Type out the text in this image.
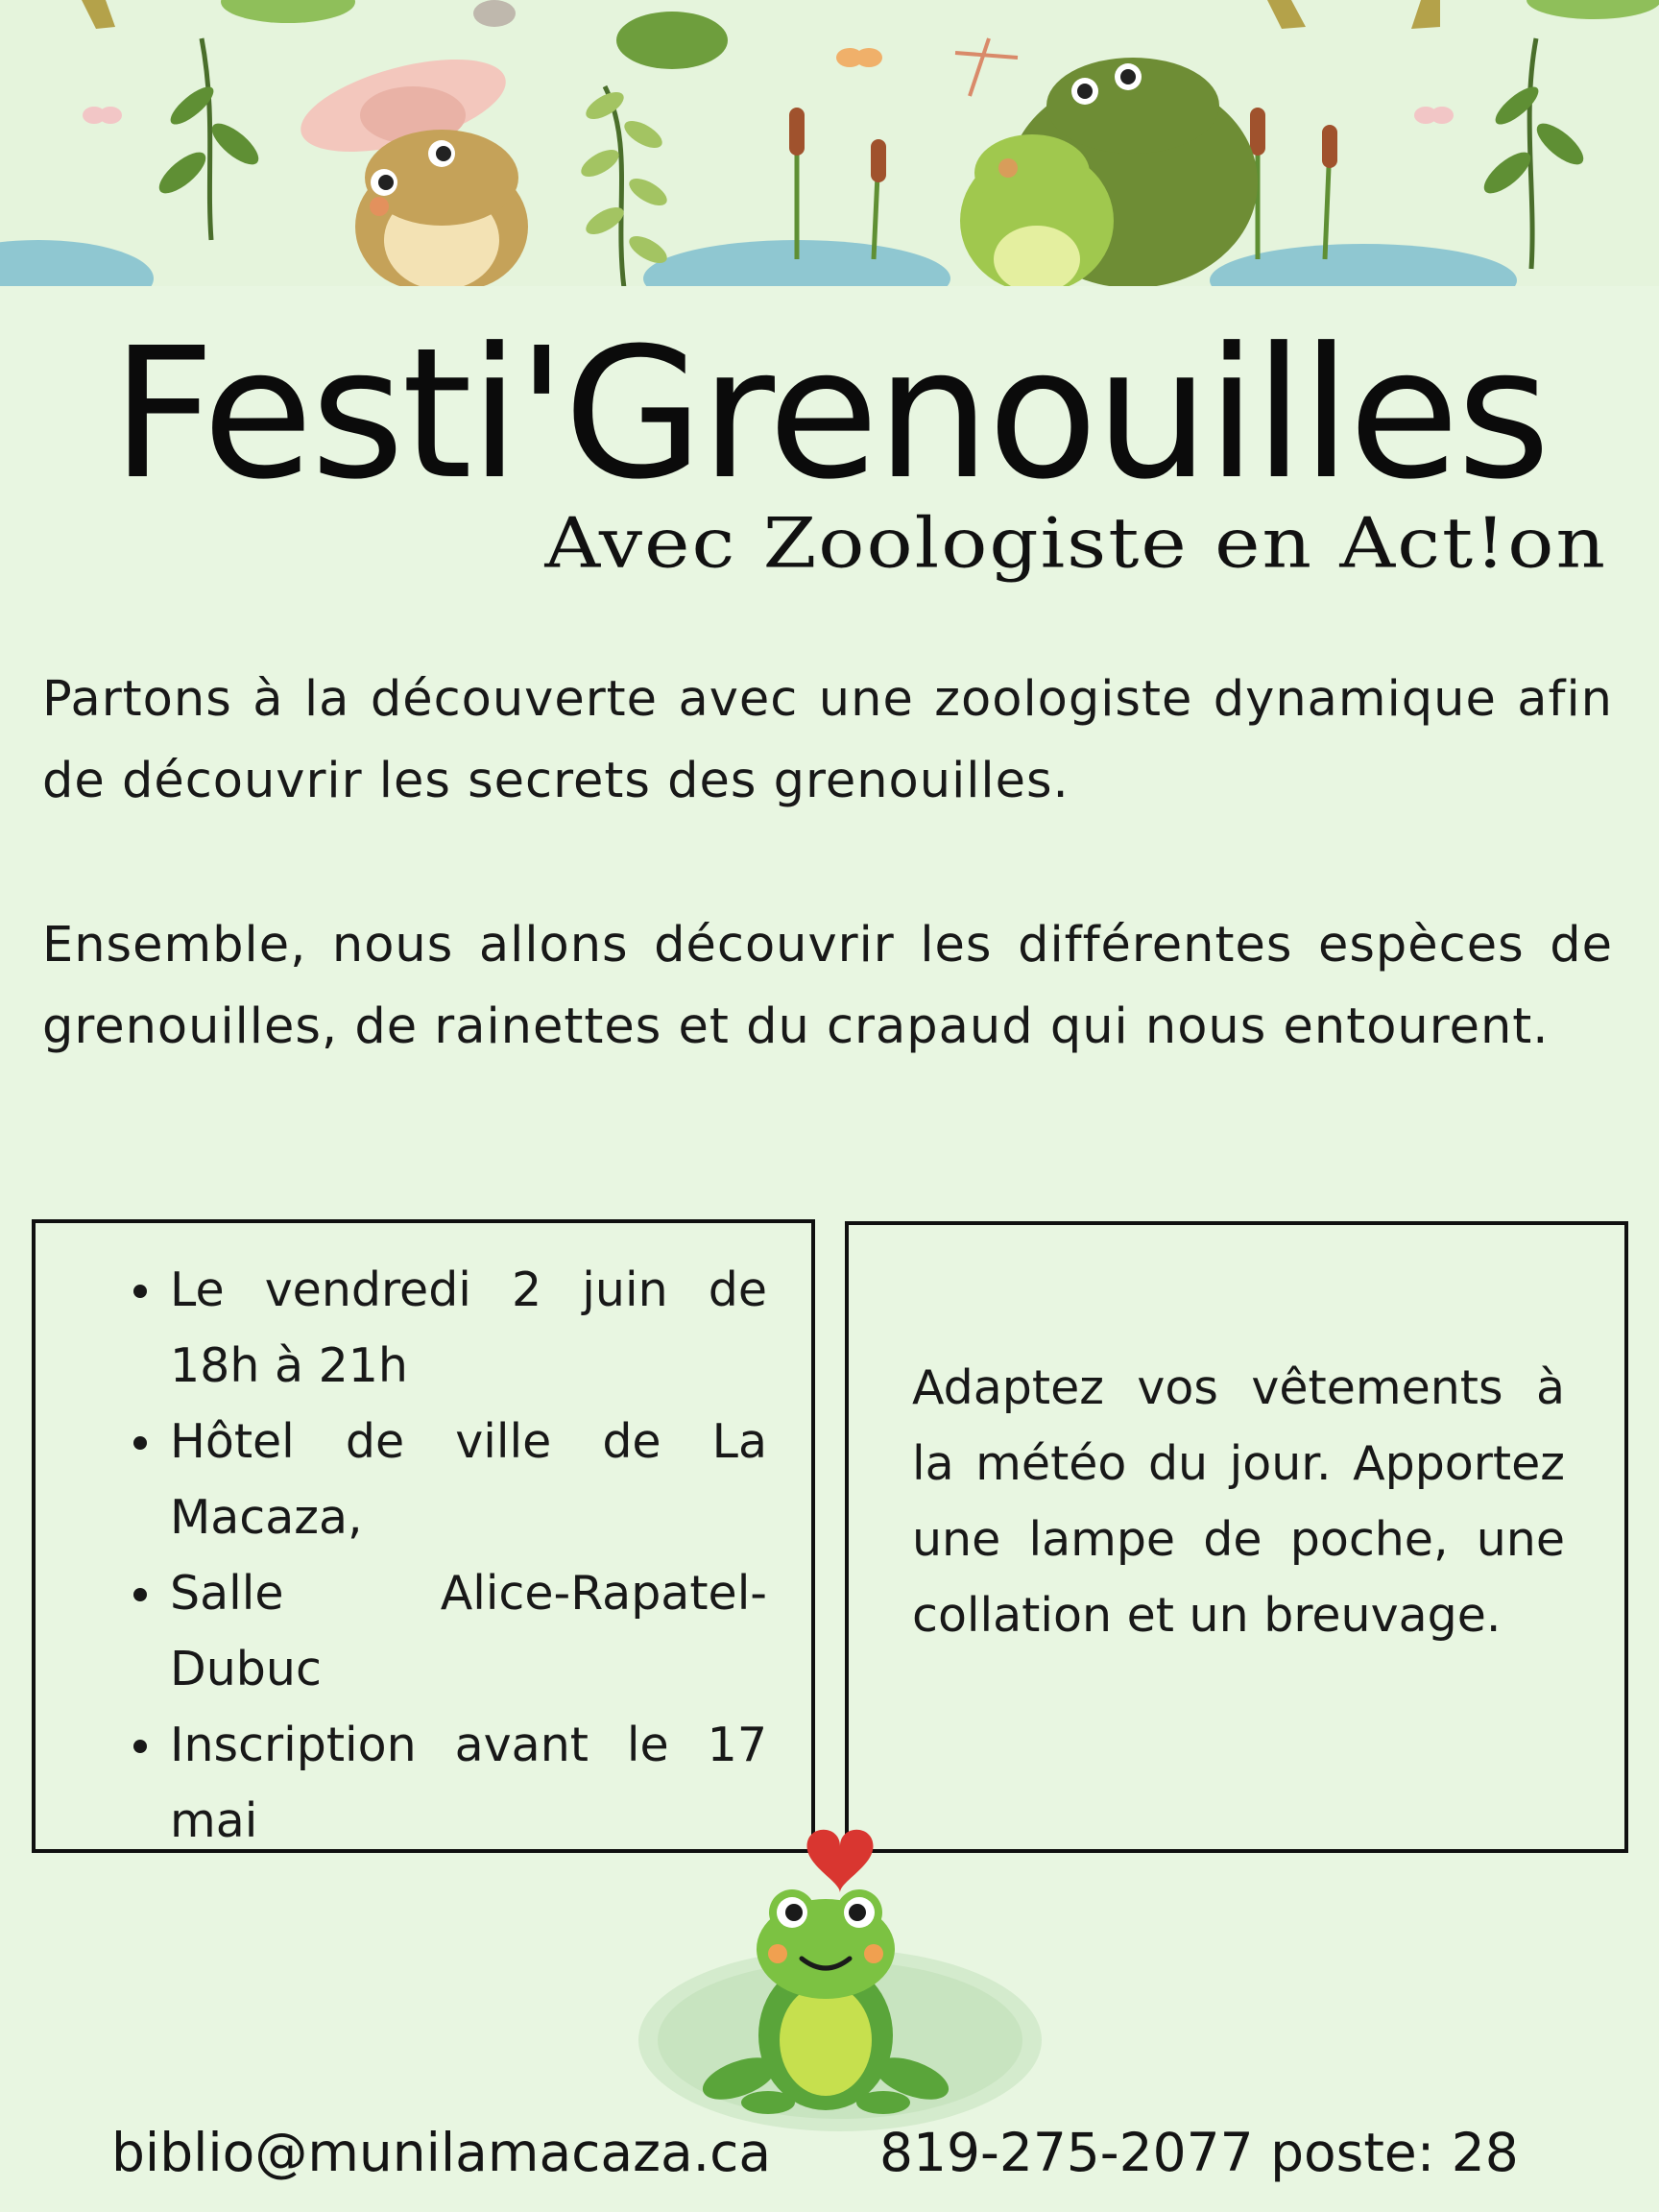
Festi'Grenouilles
Avec Zoologiste en Act!on

Partons à la découverte avec une zoologiste dynamique afin de découvrir les secrets des grenouilles.

Ensemble, nous allons découvrir les différentes espèces de grenouilles, de rainettes et du crapaud qui nous entourent.

Le vendredi 2 juin de 18h à 21h
Hôtel de ville de La Macaza,
Salle Alice-Rapatel-Dubuc
Inscription avant le 17 mai

Adaptez vos vêtements à la météo du jour. Apportez une lampe de poche, une collation et un breuvage.

biblio@munilamacaza.ca 819-275-2077 poste: 28
